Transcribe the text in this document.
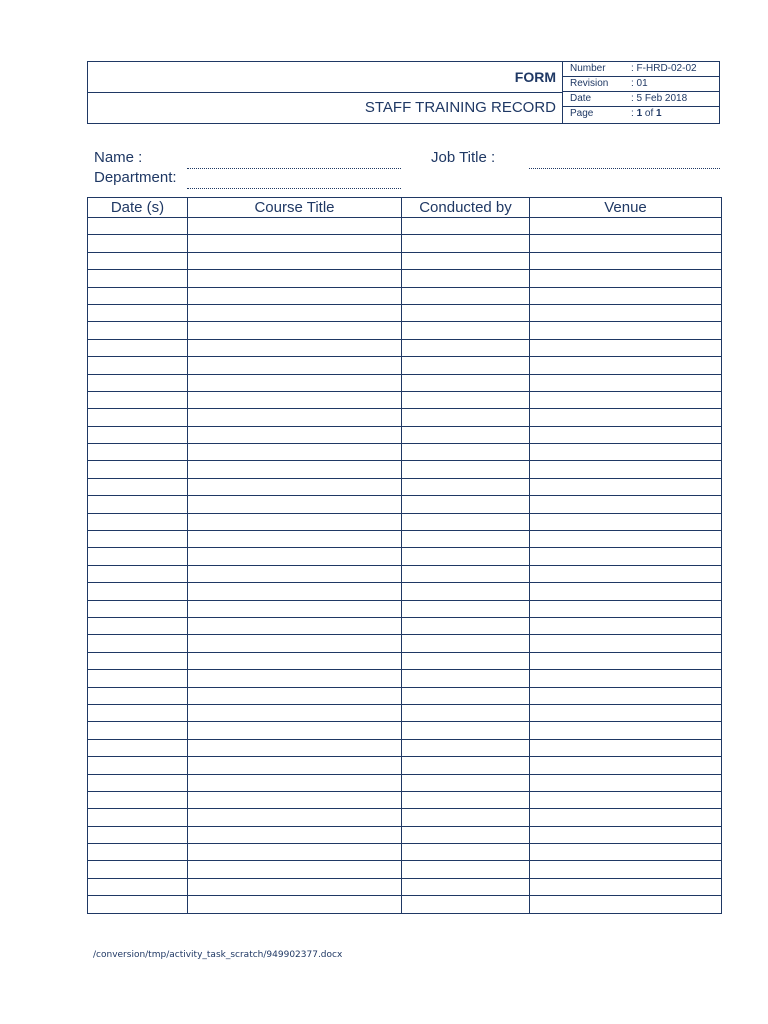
FORM
STAFF TRAINING RECORD
Number	: F-HRD-02-02
Revision : 01
Date	: 5 Feb 2018
Page	: 1 of 1
Name :
Department:
Job Title :
Date (s)	Course Title	Conducted by	Venue

/conversion/tmp/activity_task_scratch/949902377.docx
